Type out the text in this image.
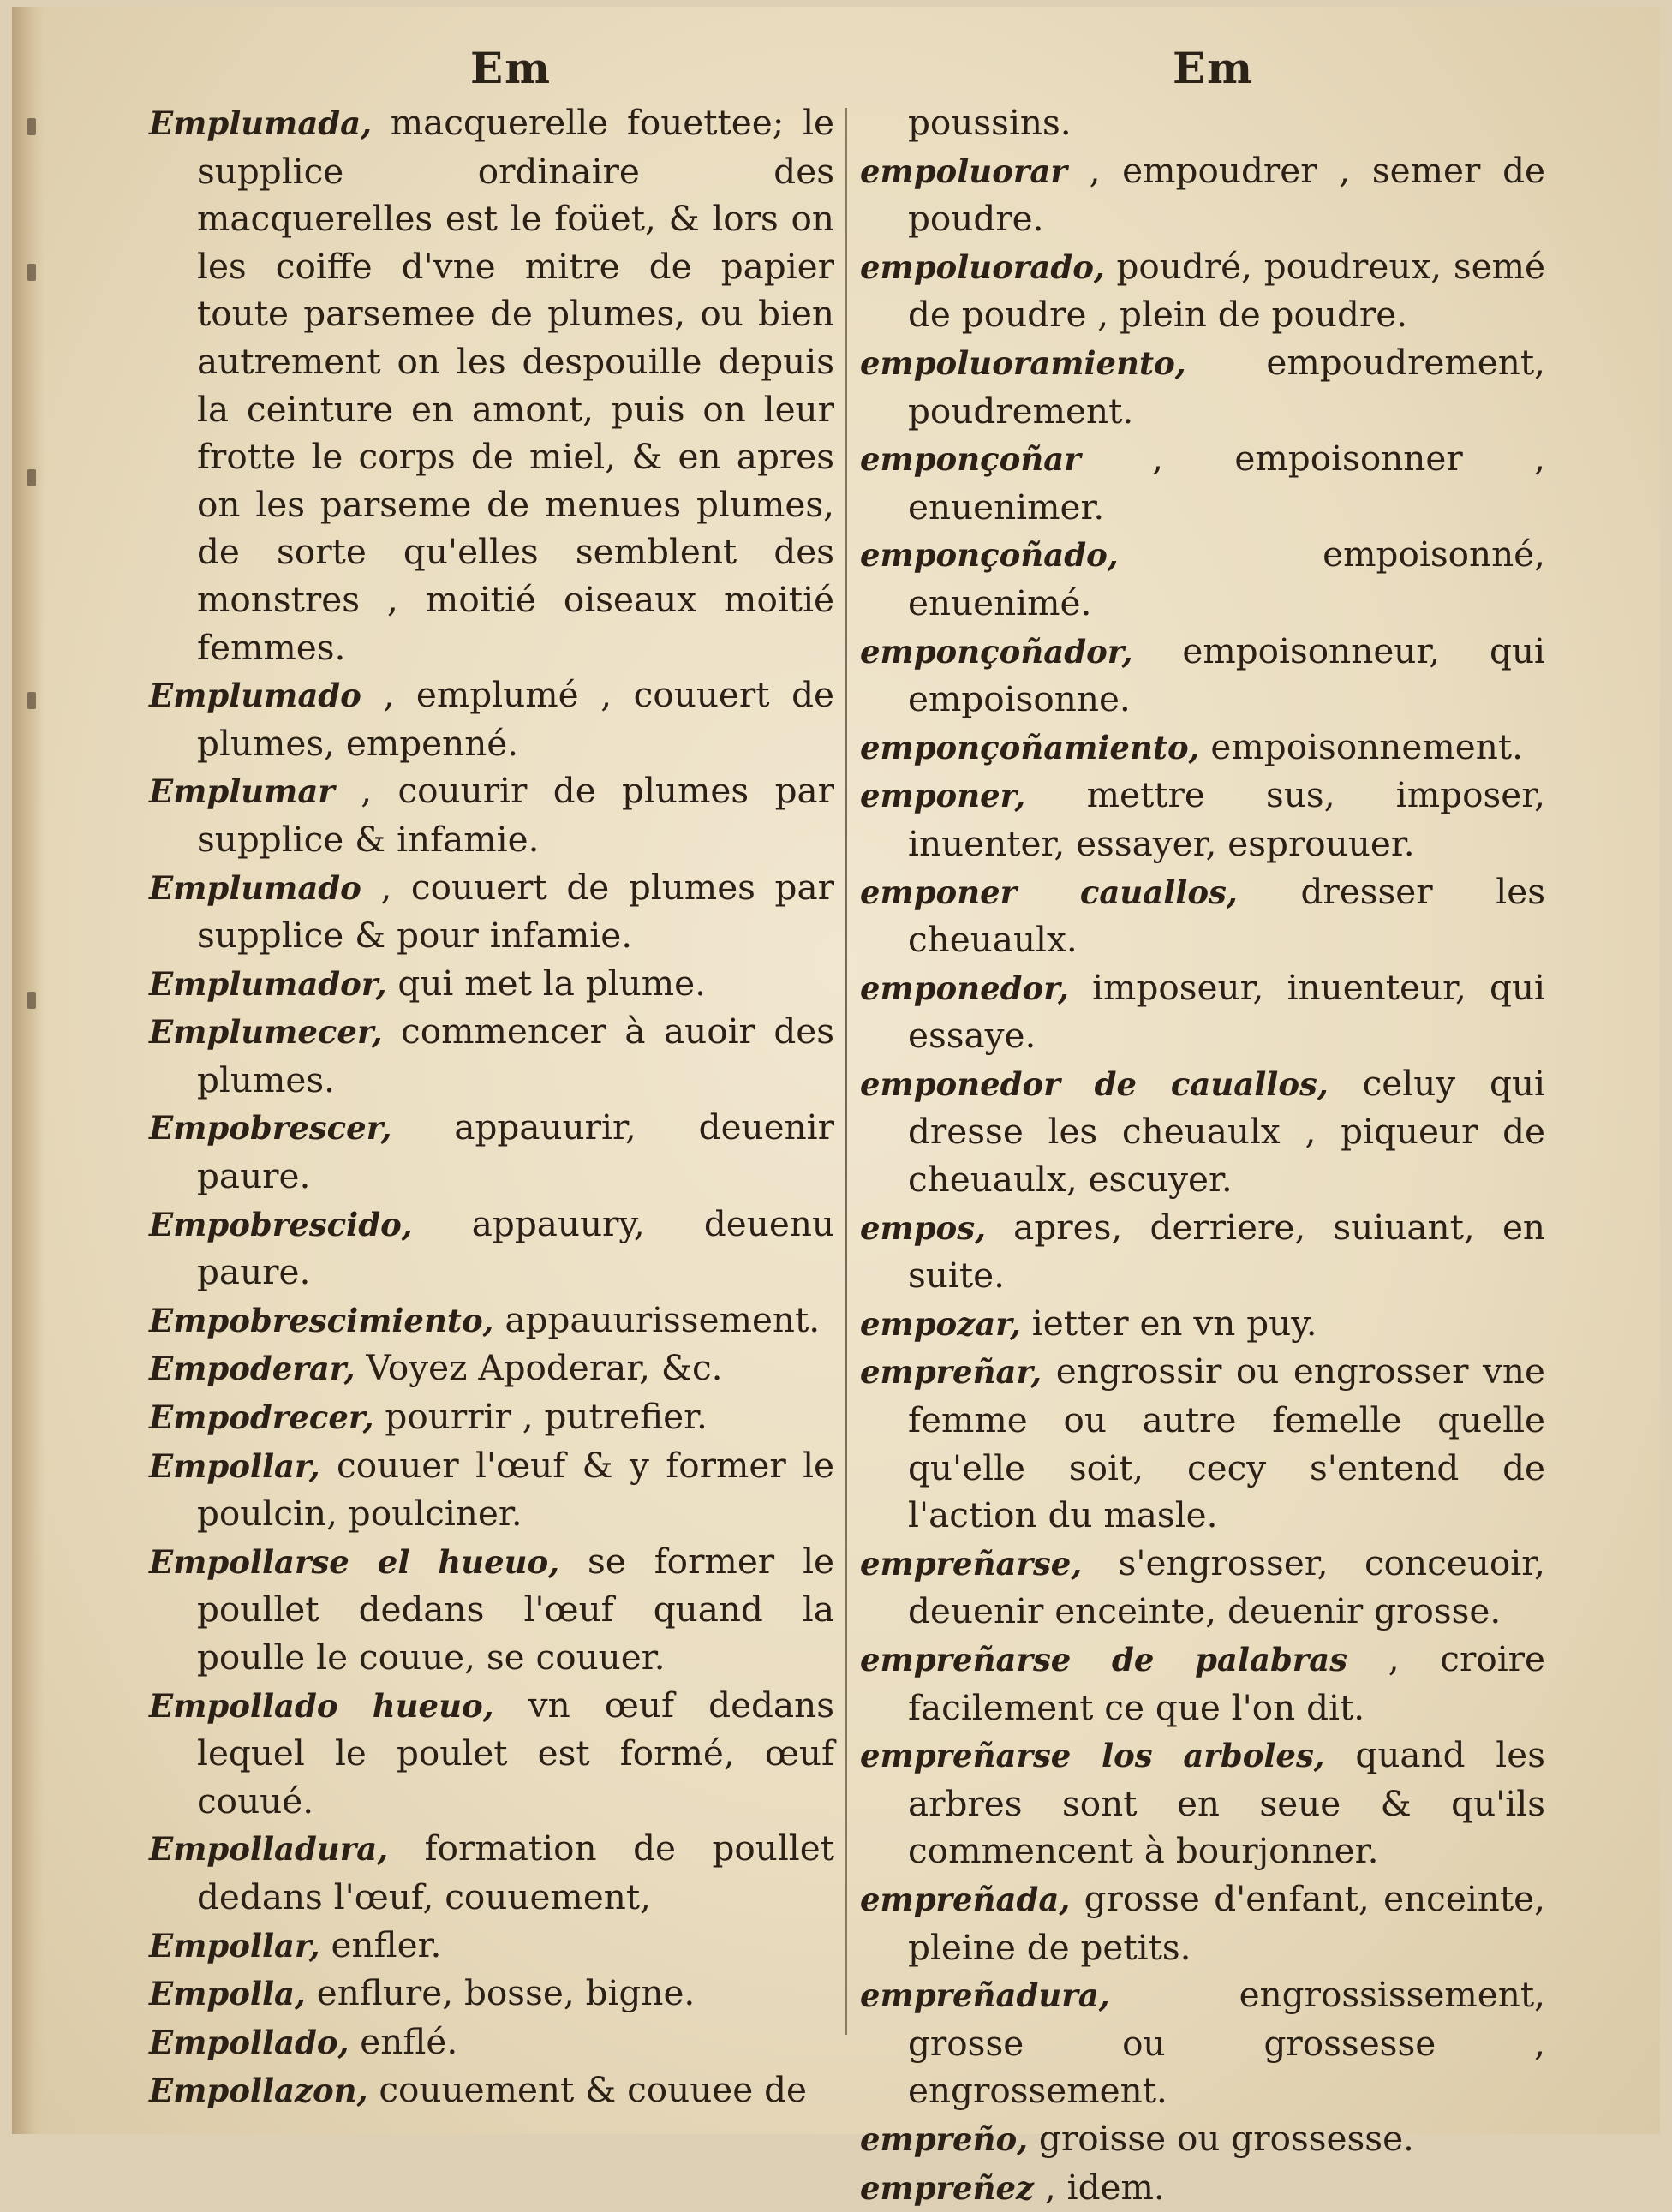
Em	Em
Emplumada, macquerelle fouettee; le supplice ordinaire des macquerelles est le foüet, & lors on les coiffe d'vne mitre de papier toute parsemee de plumes, ou bien autrement on les despouille depuis la ceinture en amont, puis on leur frotte le corps de miel, & en apres on les parseme de menues plumes, de sorte qu'elles semblent des monstres , moitié oiseaux moitié femmes.
Emplumado , emplumé , couuert de plumes, empenné.
Emplumar , couurir de plumes par supplice & infamie.
Emplumado , couuert de plumes par supplice & pour infamie.
Emplumador, qui met la plume.
Emplumecer, commencer à auoir des plumes.
Empobrescer, appauurir, deuenir paure.
Empobrescido, appauury, deuenu paure.
Empobrescimiento, appauurissement.
Empoderar, Voyez Apoderar, &c.
Empodrecer, pourrir , putrefier.
Empollar, couuer l'œuf & y former le poulcin, poulciner.
Empollarse el hueuo, se former le poullet dedans l'œuf quand la poulle le couue, se couuer.
Empollado hueuo, vn œuf dedans lequel le poulet est formé, œuf couué.
Empolladura, formation de poullet dedans l'œuf, couuement,
Empollar, enfler.
Empolla, enflure, bosse, bigne.
Empollado, enflé.
Empollazon, couuement & couuee de
poussins.
empoluorar , empoudrer , semer de poudre.
empoluorado, poudré, poudreux, semé de poudre , plein de poudre.
empoluoramiento, empoudrement, poudrement.
emponçoñar , empoisonner , enuenimer.
emponçoñado, empoisonné, enuenimé.
emponçoñador, empoisonneur, qui empoisonne.
emponçoñamiento, empoisonnement.
emponer, mettre sus, imposer, inuenter, essayer, esprouuer.
emponer cauallos, dresser les cheuaulx.
emponedor, imposeur, inuenteur, qui essaye.
emponedor de cauallos, celuy qui dresse les cheuaulx , piqueur de cheuaulx, escuyer.
empos, apres, derriere, suiuant, en suite.
empozar, ietter en vn puy.
empreñar, engrossir ou engrosser vne femme ou autre femelle quelle qu'elle soit, cecy s'entend de l'action du masle.
empreñarse, s'engrosser, conceuoir, deuenir enceinte, deuenir grosse.
empreñarse de palabras , croire facilement ce que l'on dit.
empreñarse los arboles, quand les arbres sont en seue & qu'ils commencent à bourjonner.
empreñada, grosse d'enfant, enceinte, pleine de petits.
empreñadura, engrossissement, grosse ou grossesse , engrossement.
empreño, groisse ou grossesse.
empreñez , idem.
